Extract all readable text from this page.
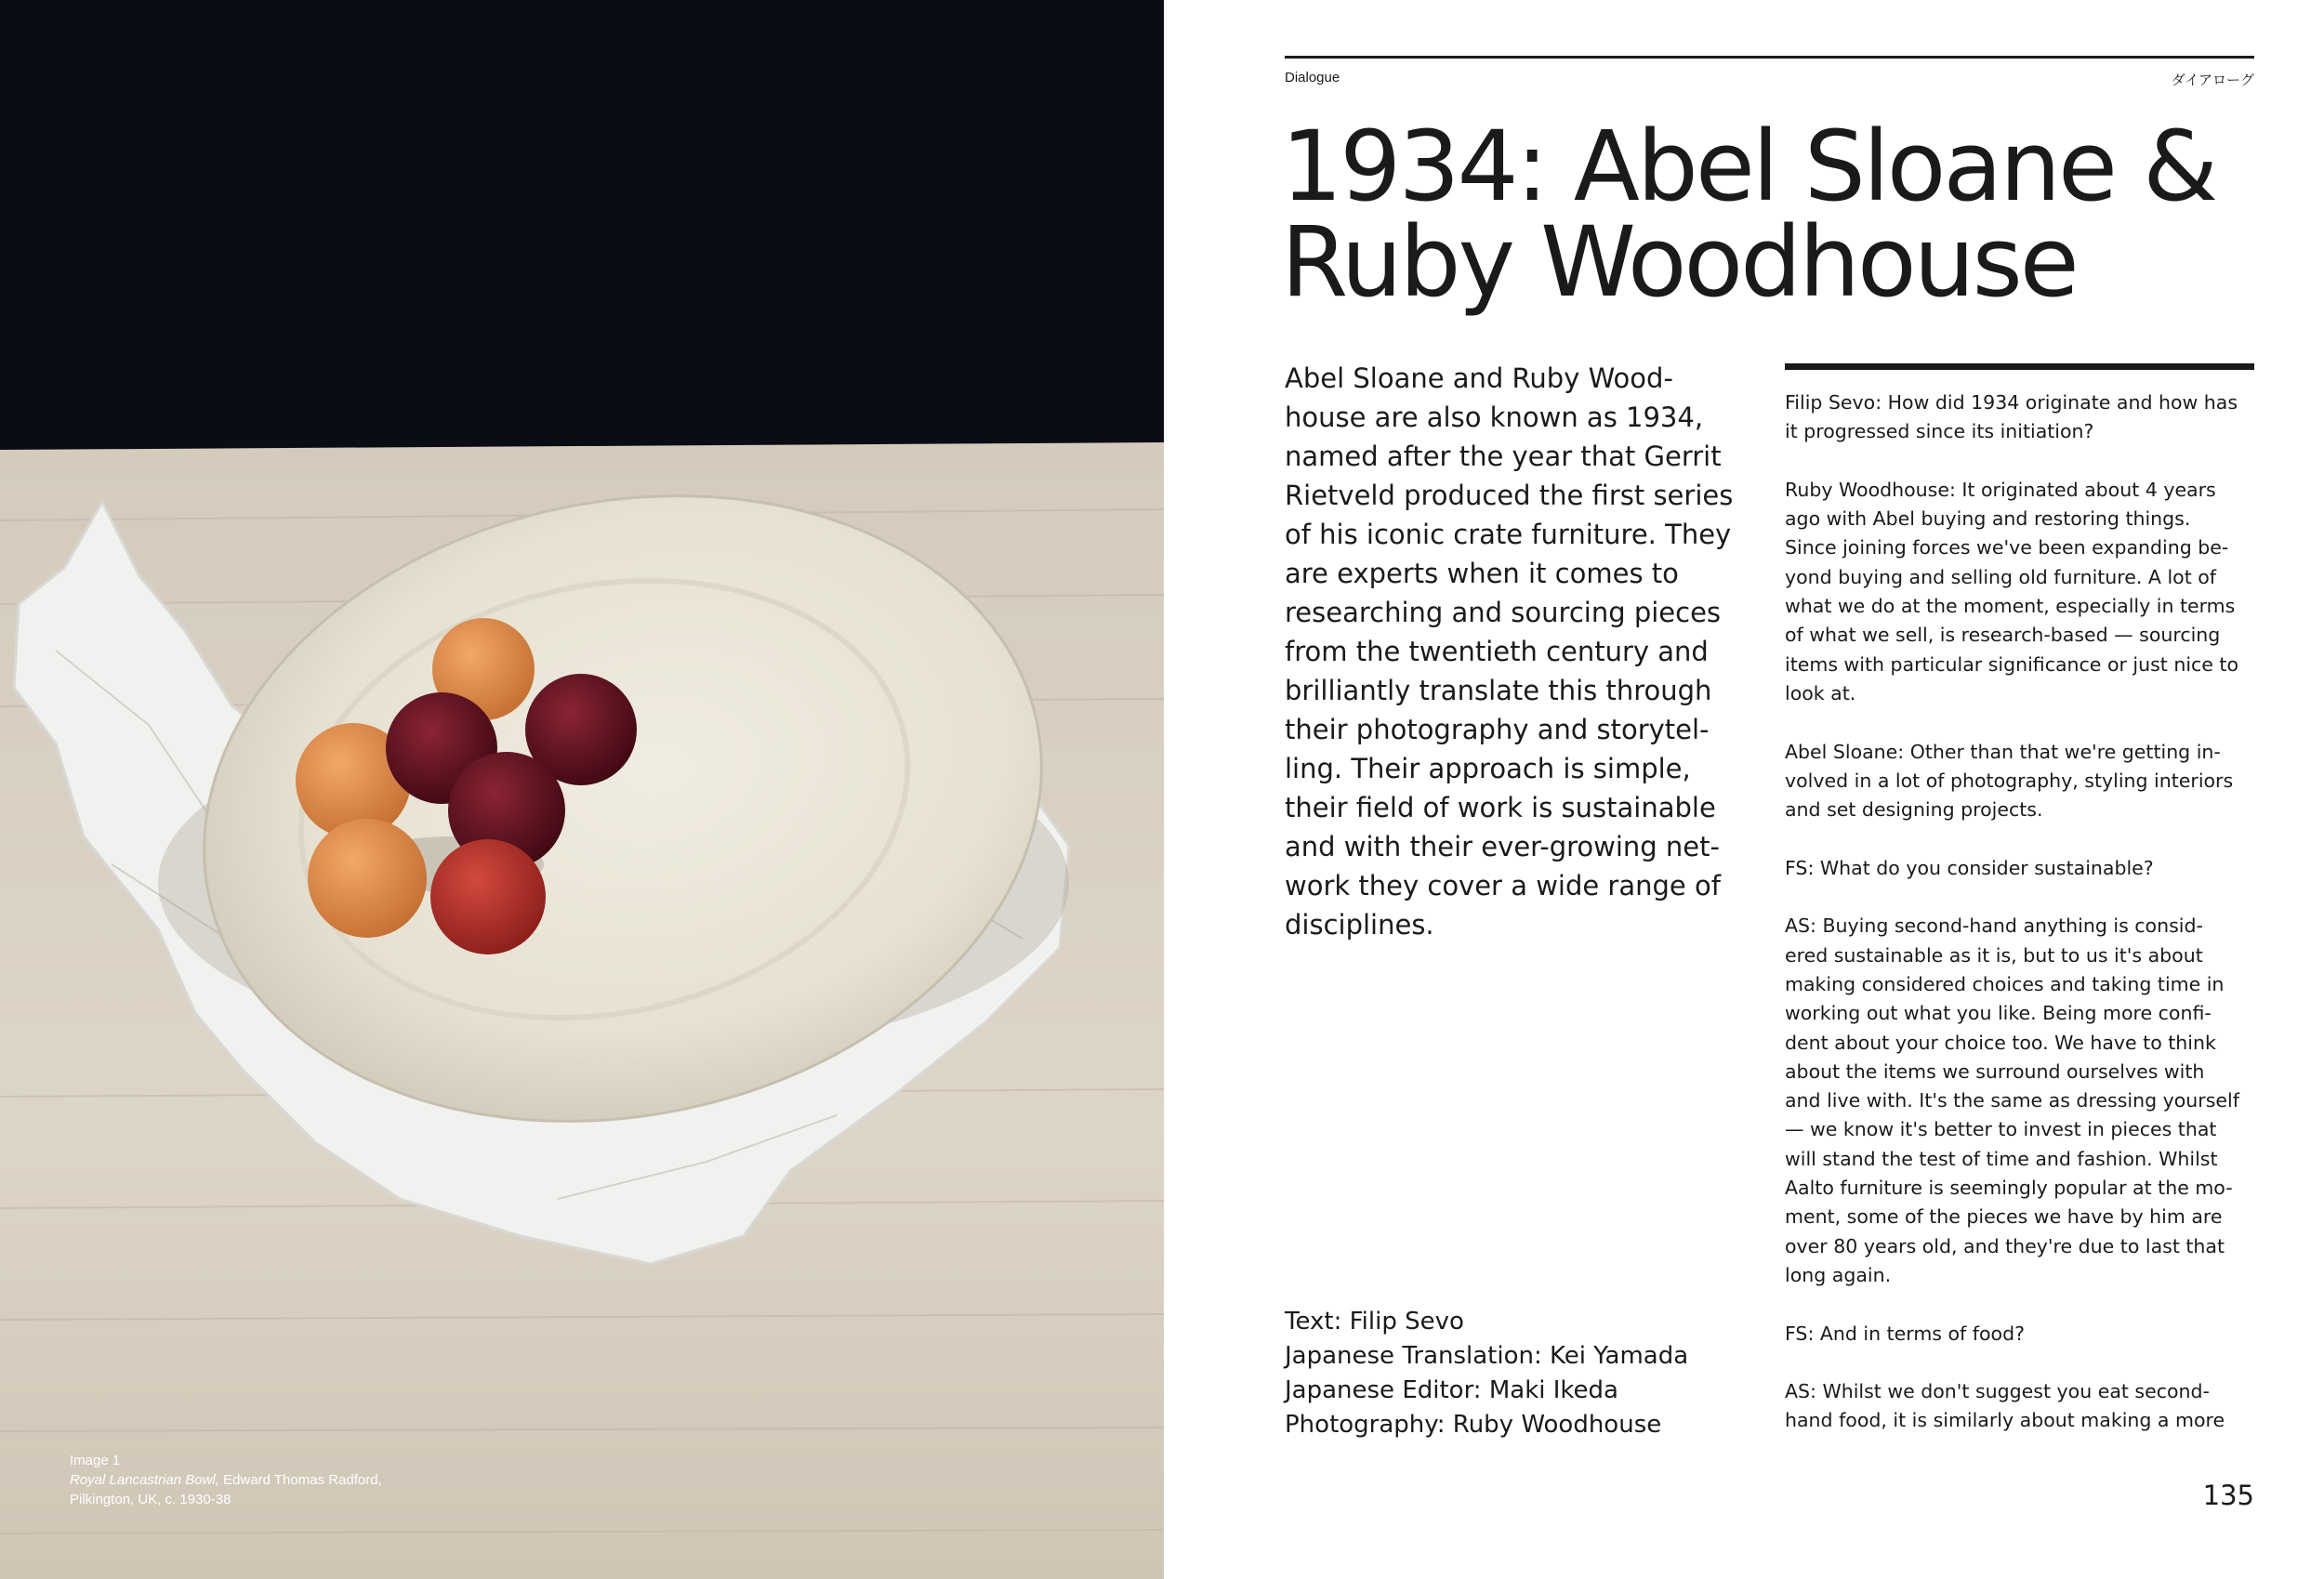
Image 1
Royal Lancastrian Bowl, Edward Thomas Radford,
Pilkington, UK, c. 1930-38
Dialogue	ダイアローグ
1934: Abel Sloane &
Ruby Woodhouse
Abel Sloane and Ruby Wood-
house are also known as 1934,
named after the year that Gerrit
Rietveld produced the first series
of his iconic crate furniture. They
are experts when it comes to
researching and sourcing pieces
from the twentieth century and
brilliantly translate this through
their photography and storytel-
ling. Their approach is simple,
their field of work is sustainable
and with their ever-growing net-
work they cover a wide range of
disciplines.
Text: Filip Sevo
Japanese Translation: Kei Yamada
Japanese Editor: Maki Ikeda
Photography: Ruby Woodhouse

Filip Sevo: How did 1934 originate and how has
it progressed since its initiation?

Ruby Woodhouse: It originated about 4 years
ago with Abel buying and restoring things.
Since joining forces we've been expanding be-
yond buying and selling old furniture. A lot of
what we do at the moment, especially in terms
of what we sell, is research-based — sourcing
items with particular significance or just nice to
look at.

Abel Sloane: Other than that we're getting in-
volved in a lot of photography, styling interiors
and set designing projects.

FS: What do you consider sustainable?

AS: Buying second-hand anything is consid-
ered sustainable as it is, but to us it's about
making considered choices and taking time in
working out what you like. Being more confi-
dent about your choice too. We have to think
about the items we surround ourselves with
and live with. It's the same as dressing yourself
— we know it's better to invest in pieces that
will stand the test of time and fashion. Whilst
Aalto furniture is seemingly popular at the mo-
ment, some of the pieces we have by him are
over 80 years old, and they're due to last that
long again.

FS: And in terms of food?

AS: Whilst we don't suggest you eat second-
hand food, it is similarly about making a more

135
